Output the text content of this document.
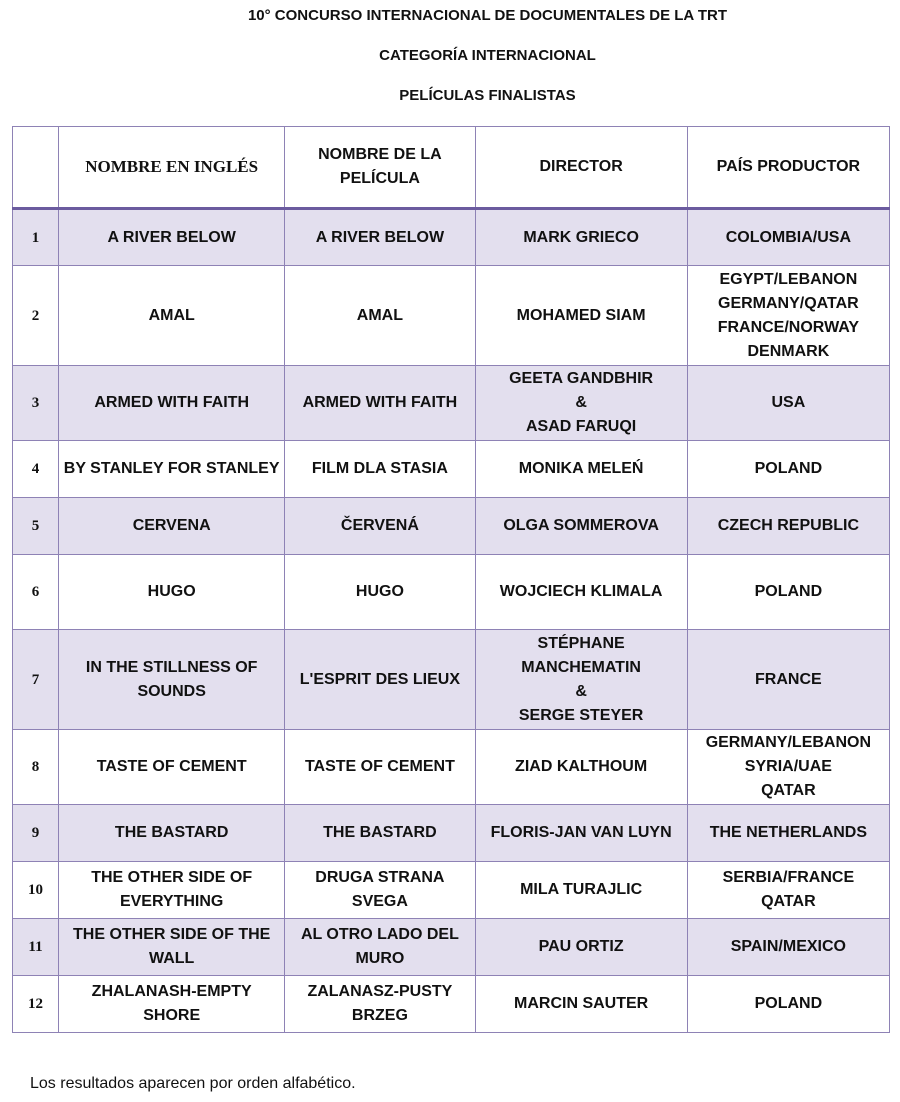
10° CONCURSO INTERNACIONAL DE DOCUMENTALES DE LA TRT
CATEGORÍA INTERNACIONAL
PELÍCULAS FINALISTAS
	NOMBRE EN INGLÉS	NOMBRE DE LA PELÍCULA	DIRECTOR	PAÍS PRODUCTOR
1	A RIVER BELOW	A RIVER BELOW	MARK GRIECO	COLOMBIA/USA
2	AMAL	AMAL	MOHAMED SIAM	EGYPT/LEBANON
GERMANY/QATAR
FRANCE/NORWAY
DENMARK
3	ARMED WITH FAITH	ARMED WITH FAITH	GEETA GANDBHIR
&
ASAD FARUQI	USA
4	BY STANLEY FOR STANLEY	FILM DLA STASIA	MONIKA MELEŃ	POLAND
5	CERVENA	ČERVENÁ	OLGA SOMMEROVA	CZECH REPUBLIC
6	HUGO	HUGO	WOJCIECH KLIMALA	POLAND
7	IN THE STILLNESS OF SOUNDS	L'ESPRIT DES LIEUX	STÉPHANE MANCHEMATIN
&
SERGE STEYER	FRANCE
8	TASTE OF CEMENT	TASTE OF CEMENT	ZIAD KALTHOUM	GERMANY/LEBANON
SYRIA/UAE
QATAR
9	THE BASTARD	THE BASTARD	FLORIS-JAN VAN LUYN	THE NETHERLANDS
10	THE OTHER SIDE OF EVERYTHING	DRUGA STRANA SVEGA	MILA TURAJLIC	SERBIA/FRANCE
QATAR
11	THE OTHER SIDE OF THE WALL	AL OTRO LADO DEL MURO	PAU ORTIZ	SPAIN/MEXICO
12	ZHALANASH-EMPTY SHORE	ZALANASZ-PUSTY BRZEG	MARCIN SAUTER	POLAND
Los resultados aparecen por orden alfabético.
